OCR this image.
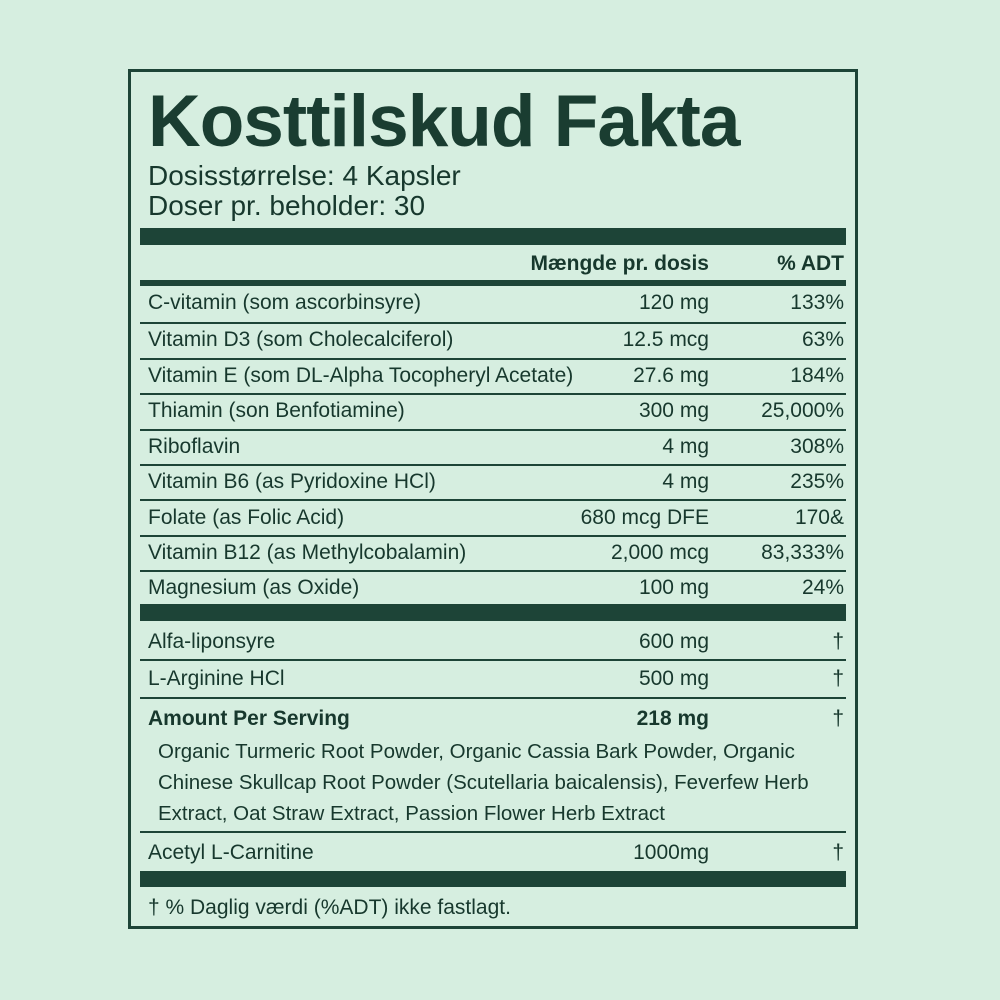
Kosttilskud Fakta
Dosisstørrelse: 4 Kapsler
Doser pr. beholder: 30
Mængde pr. dosis	% ADT
C-vitamin (som ascorbinsyre)	120 mg	133%
Vitamin D3 (som Cholecalciferol)	12.5 mcg	63%
Vitamin E (som DL-Alpha Tocopheryl Acetate)	27.6 mg	184%
Thiamin (son Benfotiamine)	300 mg 25,000%
Riboflavin	4 mg	308%
Vitamin B6 (as Pyridoxine HCl)	4 mg	235%
Folate (as Folic Acid)	680 mcg DFE	170&
Vitamin B12 (as Methylcobalamin)	2,000 mcg 83,333%
Magnesium (as Oxide)	100 mg	24%
Alfa-liponsyre	600 mg	†
L-Arginine HCl	500 mg	†
Amount Per Serving	218 mg	†
Organic Turmeric Root Powder, Organic Cassia Bark Powder, Organic Chinese Skullcap Root Powder (Scutellaria baicalensis), Feverfew Herb Extract, Oat Straw Extract, Passion Flower Herb Extract
Acetyl L-Carnitine	1000mg	†
† % Daglig værdi (%ADT) ikke fastlagt.
